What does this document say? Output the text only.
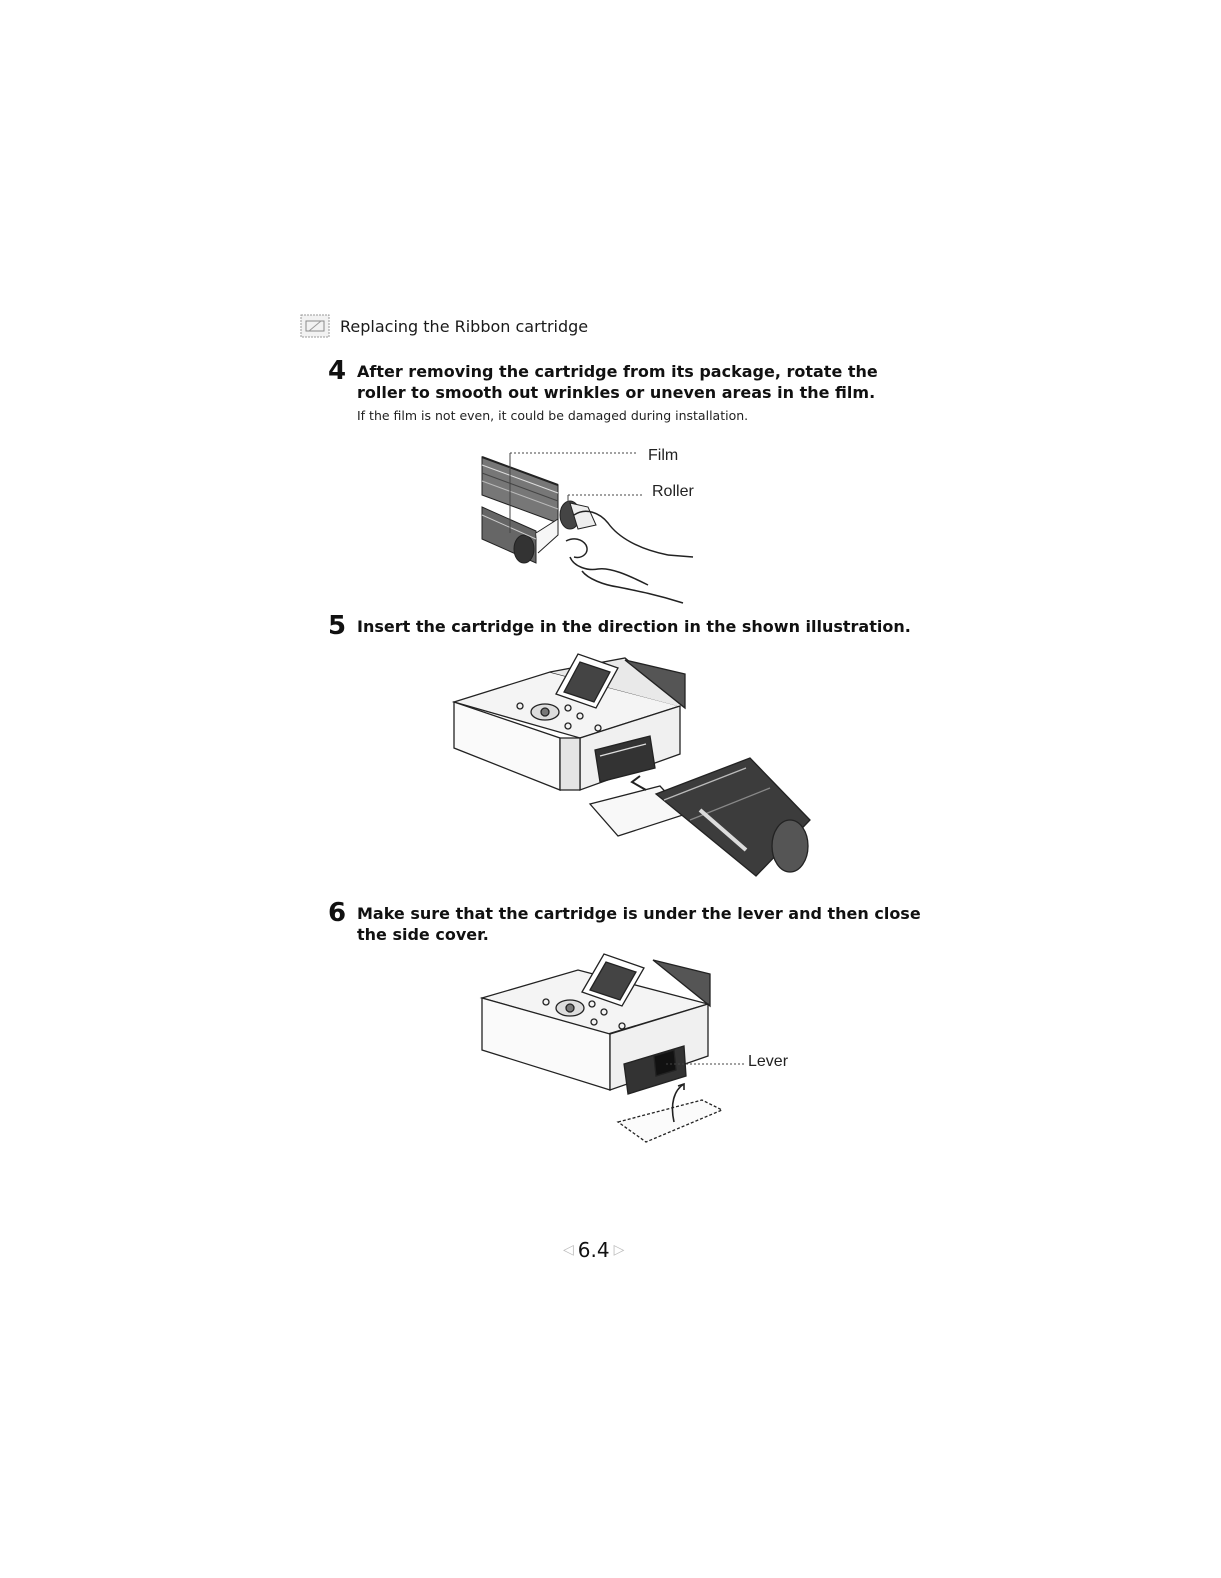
Replacing the Ribbon cartridge
4 After removing the cartridge from its package, rotate the
roller to smooth out wrinkles or uneven areas in the film.
If the film is not even, it could be damaged during installation.
Film
Roller
5 Insert the cartridge in the direction in the shown illustration.
6 Make sure that the cartridge is under the lever and then close
the side cover.
Lever
◁ 6.4 ▷
